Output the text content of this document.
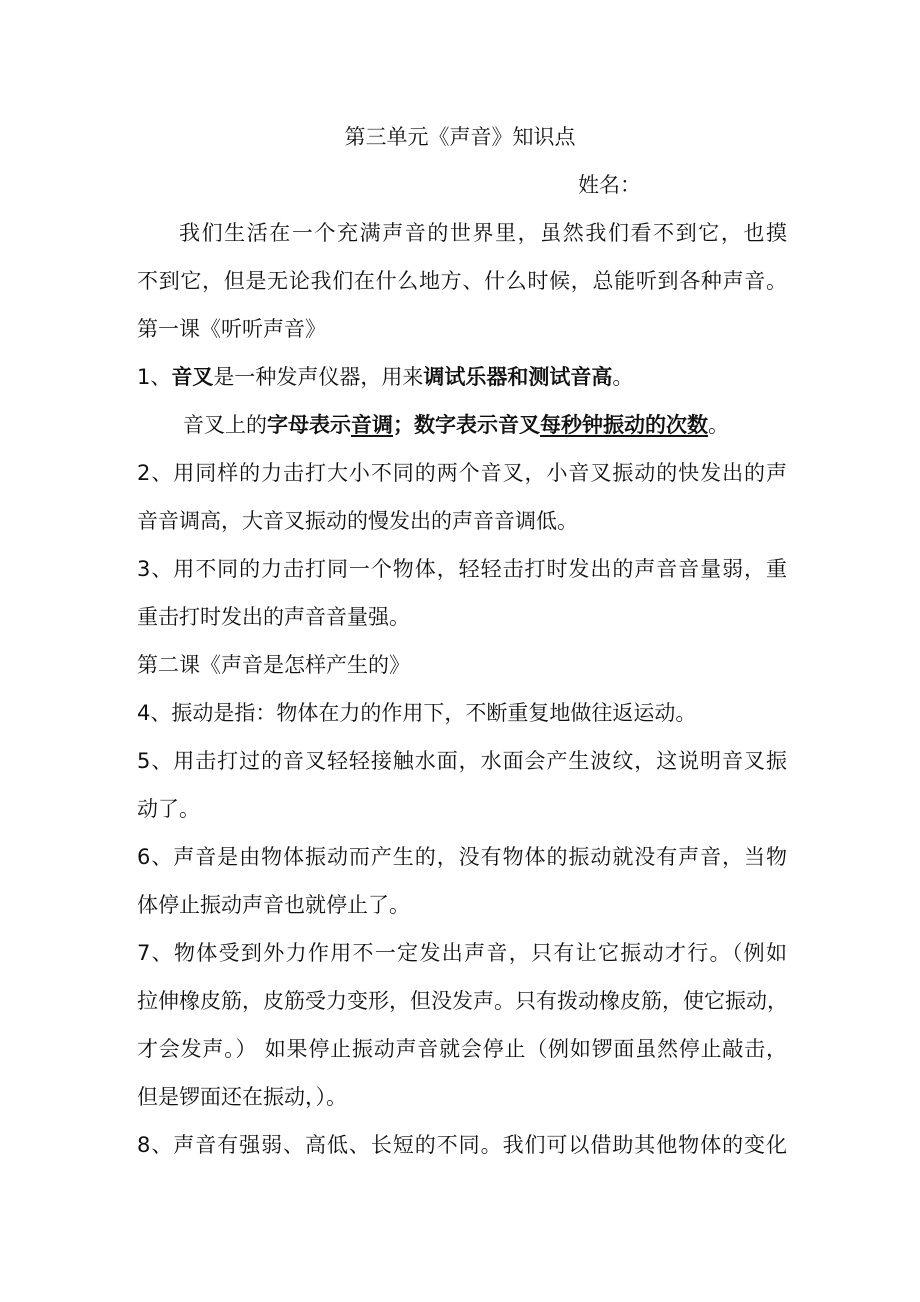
第三单元《声音》知识点
姓名：
我们生活在一个充满声音的世界里，虽然我们看不到它，也摸
不到它，但是无论我们在什么地方、什么时候，总能听到各种声音。
第一课《听听声音》
1、音叉是一种发声仪器，用来调试乐器和测试音高。
音叉上的字母表示音调；数字表示音叉每秒钟振动的次数。
2、用同样的力击打大小不同的两个音叉，小音叉振动的快发出的声
音音调高，大音叉振动的慢发出的声音音调低。
3、用不同的力击打同一个物体，轻轻击打时发出的声音音量弱，重
重击打时发出的声音音量强。
第二课《声音是怎样产生的》
4、振动是指：物体在力的作用下，不断重复地做往返运动。
5、用击打过的音叉轻轻接触水面，水面会产生波纹，这说明音叉振
动了。
6、声音是由物体振动而产生的，没有物体的振动就没有声音，当物
体停止振动声音也就停止了。
7、物体受到外力作用不一定发出声音，只有让它振动才行。（例如
拉伸橡皮筋，皮筋受力变形，但没发声。只有拨动橡皮筋，使它振动，
才会发声。） 如果停止振动声音就会停止（例如锣面虽然停止敲击，
但是锣面还在振动，）。
8、声音有强弱、高低、长短的不同。我们可以借助其他物体的变化
